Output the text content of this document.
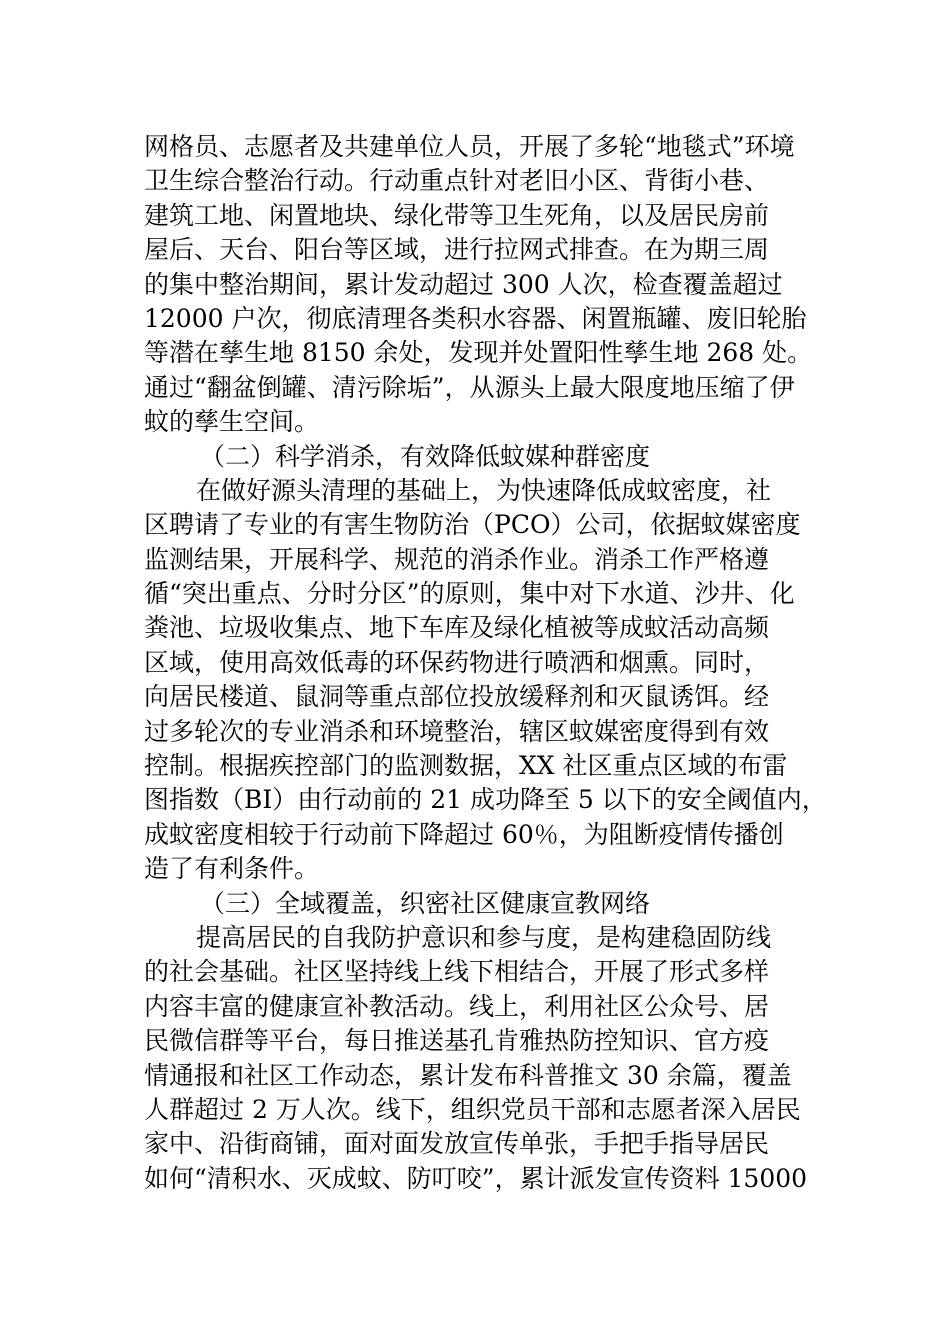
网格员、志愿者及共建单位人员，开展了多轮“地毯式”环境
卫生综合整治行动。行动重点针对老旧小区、背街小巷、
建筑工地、闲置地块、绿化带等卫生死角，以及居民房前
屋后、天台、阳台等区域，进行拉网式排查。在为期三周
的集中整治期间，累计发动超过 300 人次，检查覆盖超过
12000 户次，彻底清理各类积水容器、闲置瓶罐、废旧轮胎
等潜在孳生地 8150 余处，发现并处置阳性孳生地 268 处。
通过“翻盆倒罐、清污除垢”，从源头上最大限度地压缩了伊
蚊的孳生空间。
（二）科学消杀，有效降低蚊媒种群密度
在做好源头清理的基础上，为快速降低成蚊密度，社
区聘请了专业的有害生物防治（PCO）公司，依据蚊媒密度
监测结果，开展科学、规范的消杀作业。消杀工作严格遵
循“突出重点、分时分区”的原则，集中对下水道、沙井、化
粪池、垃圾收集点、地下车库及绿化植被等成蚊活动高频
区域，使用高效低毒的环保药物进行喷洒和烟熏。同时，
向居民楼道、鼠洞等重点部位投放缓释剂和灭鼠诱饵。经
过多轮次的专业消杀和环境整治，辖区蚊媒密度得到有效
控制。根据疾控部门的监测数据，XX 社区重点区域的布雷
图指数（BI）由行动前的 21 成功降至 5 以下的安全阈值内，
成蚊密度相较于行动前下降超过 60％，为阻断疫情传播创
造了有利条件。
（三）全域覆盖，织密社区健康宣教网络
提高居民的自我防护意识和参与度，是构建稳固防线
的社会基础。社区坚持线上线下相结合，开展了形式多样
内容丰富的健康宣补教活动。线上，利用社区公众号、居
民微信群等平台，每日推送基孔肯雅热防控知识、官方疫
情通报和社区工作动态，累计发布科普推文 30 余篇，覆盖
人群超过 2 万人次。线下，组织党员干部和志愿者深入居民
家中、沿街商铺，面对面发放宣传单张，手把手指导居民
如何“清积水、灭成蚊、防叮咬”，累计派发宣传资料 15000
